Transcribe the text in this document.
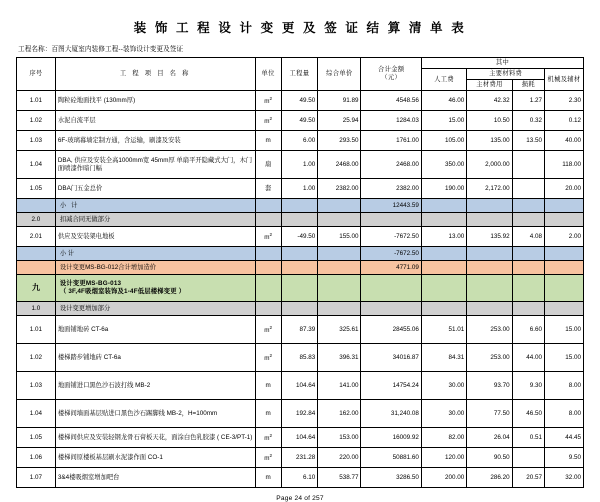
装 饰 工 程 设 计 变 更 及 签 证 结 算 清 单 表
工程名称：百图大厦室内装修工程--装饰设计变更及签证
序号	工 程 项 目 名 称	单位	工程量	综合单价	合计金额
（元）	其中			
						人工费	主要材料费		机械及辅材
							主材费用	损耗	
1.01	陶粒砼地面找平 (130mm厚)	$m^2$	49.50	91.89	4548.56	46.00	42.32	1.27	2.30
1.02	水泥自流平层	$m^2$	49.50	25.94	1284.03	15.00	10.50	0.32	0.12
1.03	6F-玻璃幕墙定制方通，含运输，刷漆及安装	m	6.00	293.50	1761.00	105.00	135.00	13.50	40.00
1.04	DBA, 供应及安装全高1000mm宽 45mm厚 单扇平开隐藏式大门，木门面喷漆作暗门幅	扇	1.00	2468.00	2468.00	350.00	2,000.00		118.00
1.05	DBA门五金总价	套	1.00	2382.00	2382.00	190.00	2,172.00		20.00
	小 计				12443.59				
2.0	扣减合同无做部分								
2.01	供应及安装架电地板	$m^2$	-49.50	155.00	-7672.50	13.00	135.92	4.08	2.00
	小计				-7672.50				
	设计变更MS-BG-012合计增加造价				4771.09				
九	设计变更MS-BG-013
（ 3F,4F吸烟室装饰及1-4F低层楼梯变更 ）								

1.0	设计变更增加部分								
1.01	地面铺地砖 CT-6a	$m^2$	87.39	325.61	28455.06	51.01	253.00	6.60	15.00
1.02	楼梯踏步铺地砖 CT-6a	$m^2$	85.83	396.31	34016.87	84.31	253.00	44.00	15.00
1.03	地面铺进口黑色沙石波打线 MB-2	m	104.64	141.00	14754.24	30.00	93.70	9.30	8.00
1.04	楼梯间墙面基层贴进口黑色沙石踢脚线 MB-2，H=100mm	m	192.84	162.00	31,240.08	30.00	77.50	46.50	8.00
1.05	楼梯间供应及安装轻钢龙骨石膏板天花，面涂白色乳胶漆 ( CE-3/PT-1)	$m^2$	104.64	153.00	16009.92	82.00	26.04	0.51	44.45
1.06	楼梯间原楼板基层刷水泥漆作面 CO-1	$m^2$	231.28	220.00	50881.60	120.00	90.50		9.50
1.07	3&4楼吸烟室增加吧台	m	6.10	538.77	3286.50	200.00	286.20	20.57	32.00
Page 24 of 257
